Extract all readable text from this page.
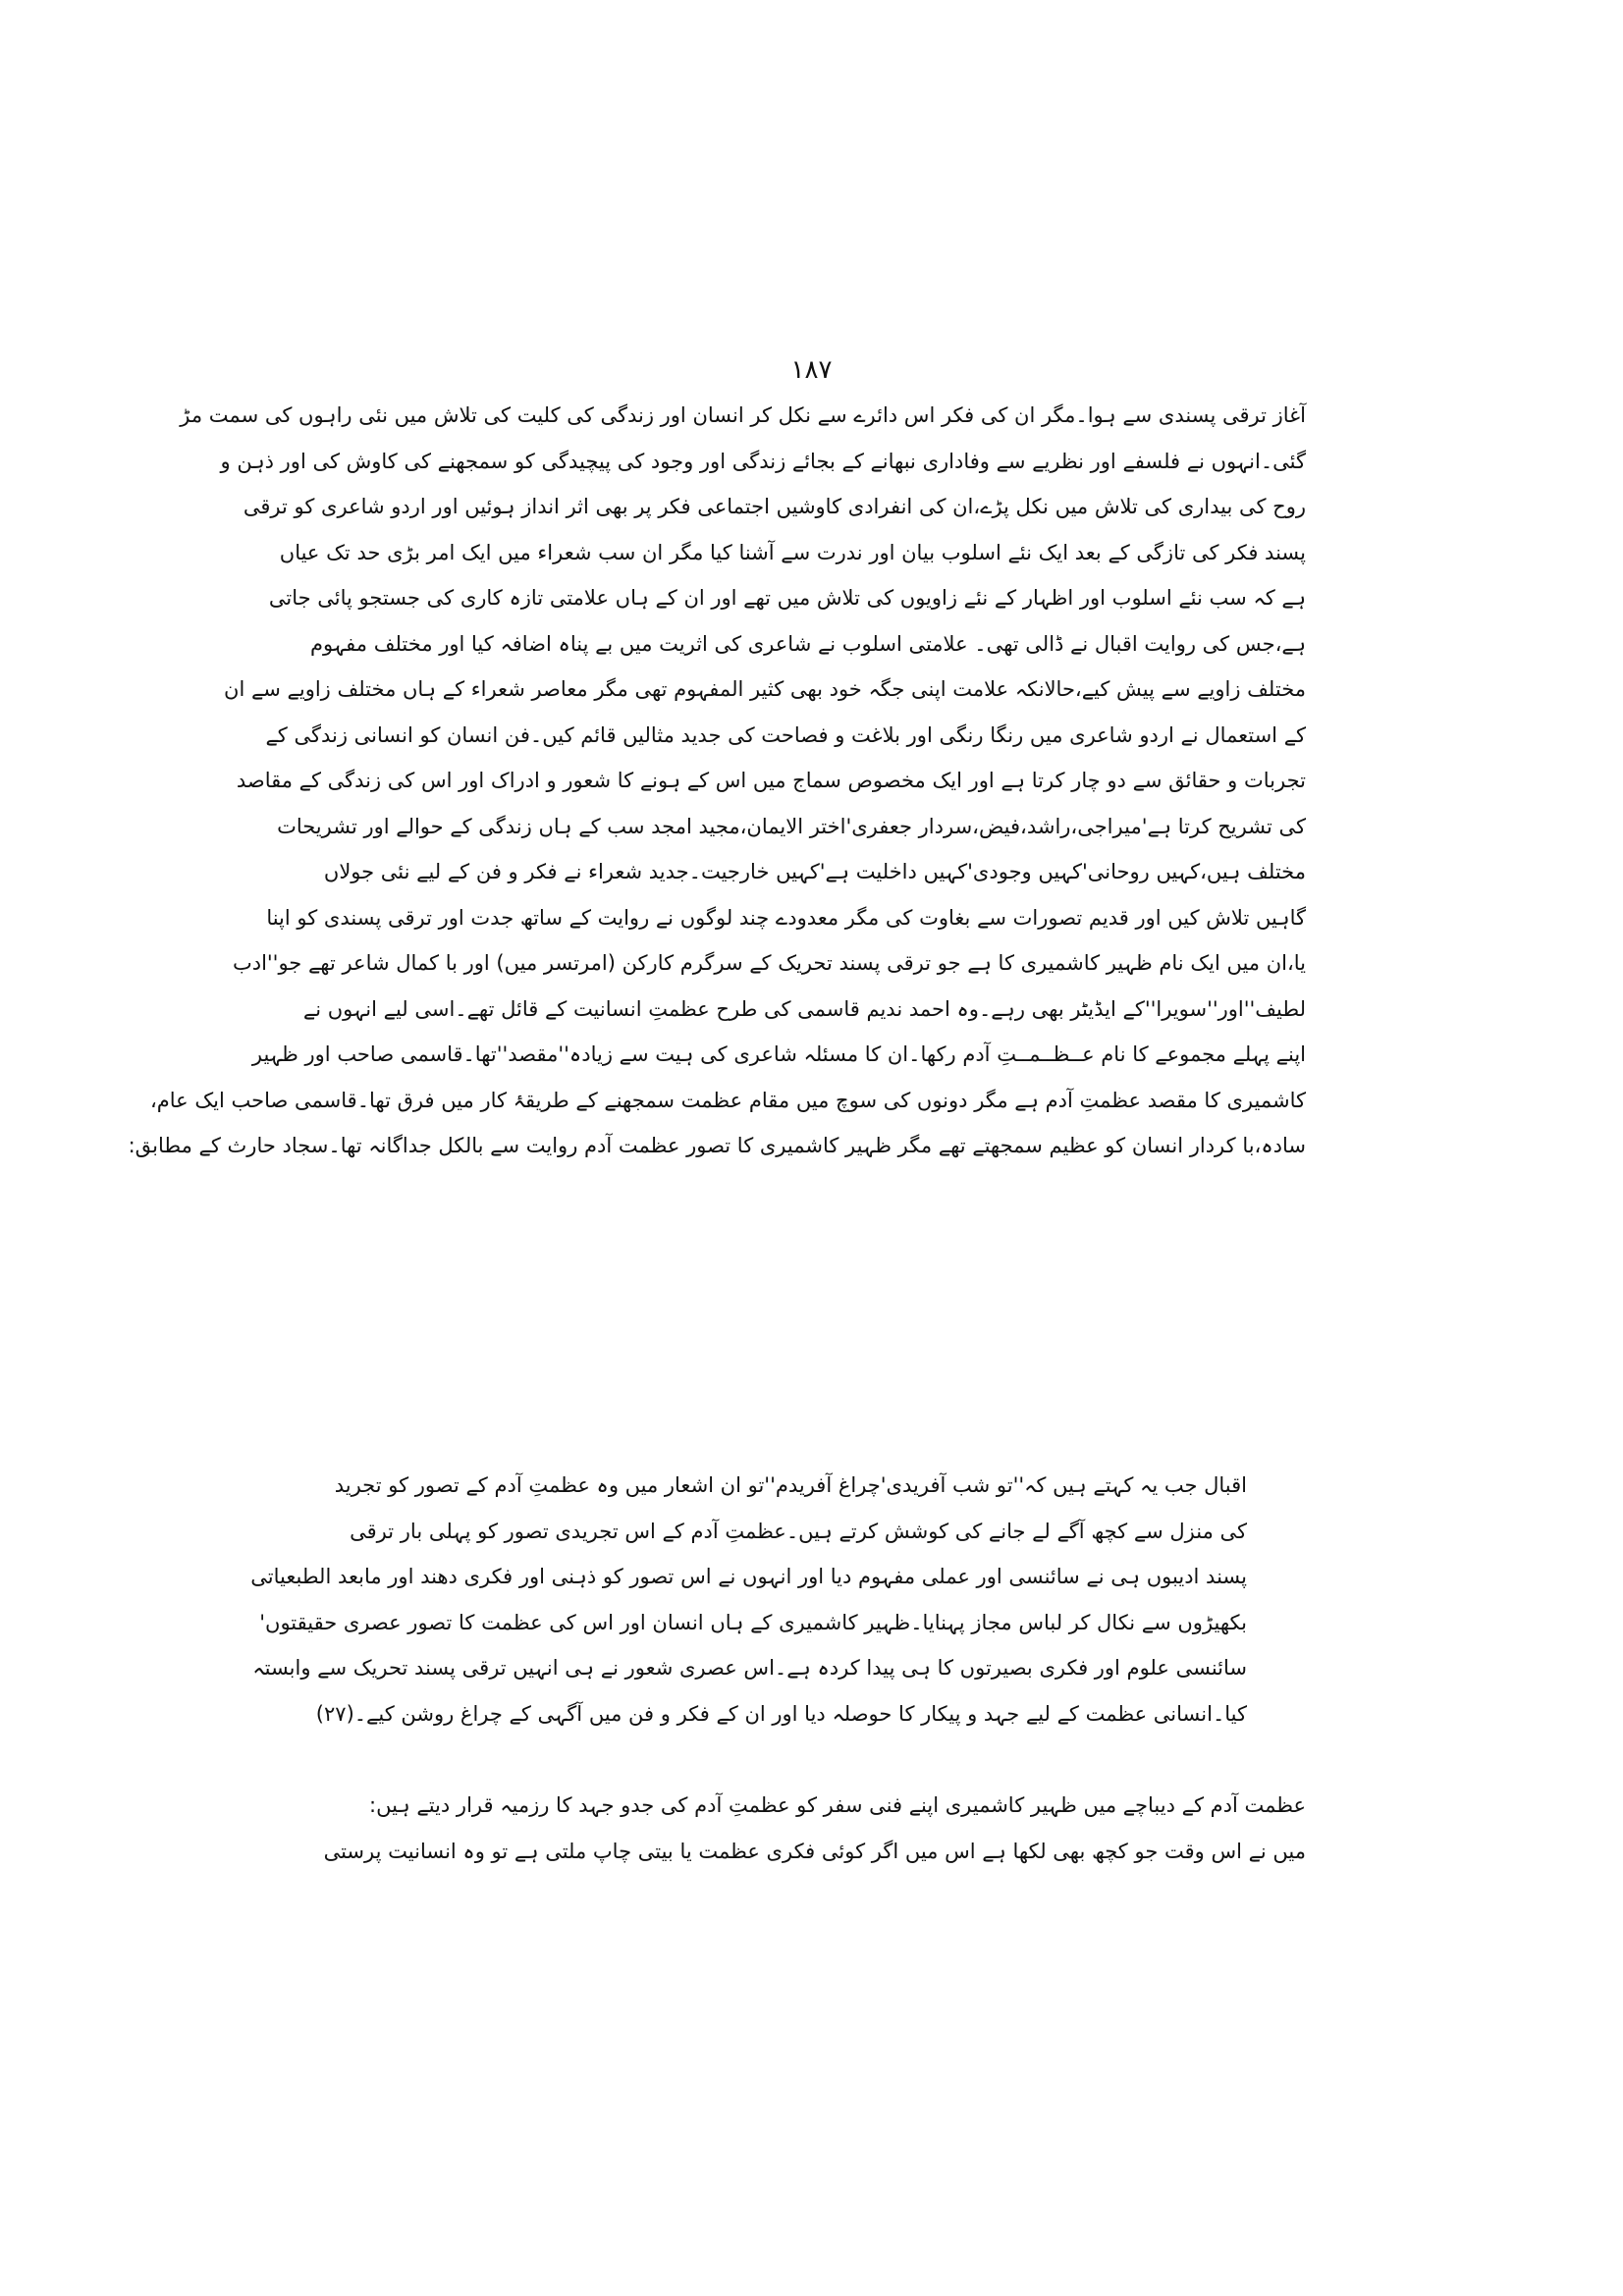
۱۸۷
آغاز ترقی پسندی سے ہوا۔مگر ان کی فکر اس دائرے سے نکل کر انسان اور زندگی کی کلیت کی تلاش میں نئی راہوں کی سمت مڑ
گئی۔انہوں نے فلسفے اور نظریے سے وفاداری نبھانے کے بجائے زندگی اور وجود کی پیچیدگی کو سمجھنے کی کاوش کی اور ذہن و
روح کی بیداری کی تلاش میں نکل پڑے،ان کی انفرادی کاوشیں اجتماعی فکر پر بھی اثر انداز ہوئیں اور اردو شاعری کو ترقی
پسند فکر کی تازگی کے بعد ایک نئے اسلوب بیان اور ندرت سے آشنا کیا مگر ان سب شعراء میں ایک امر بڑی حد تک عیاں
ہے کہ سب نئے اسلوب اور اظہار کے نئے زاویوں کی تلاش میں تھے اور ان کے ہاں علامتی تازہ کاری کی جستجو پائی جاتی
ہے،جس کی روایت اقبال نے ڈالی تھی۔ علامتی اسلوب نے شاعری کی اثریت میں بے پناہ اضافہ کیا اور مختلف مفہوم
مختلف زاویے سے پیش کیے،حالانکہ علامت اپنی جگہ خود بھی کثیر المفہوم تھی مگر معاصر شعراء کے ہاں مختلف زاویے سے ان
کے استعمال نے اردو شاعری میں رنگا رنگی اور بلاغت و فصاحت کی جدید مثالیں قائم کیں۔فن انسان کو انسانی زندگی کے
تجربات و حقائق سے دو چار کرتا ہے اور ایک مخصوص سماج میں اس کے ہونے کا شعور و ادراک اور اس کی زندگی کے مقاصد
کی تشریح کرتا ہے'میراجی،راشد،فیض،سردار جعفری'اختر الایمان،مجید امجد سب کے ہاں زندگی کے حوالے اور تشریحات
مختلف ہیں،کہیں روحانی'کہیں وجودی'کہیں داخلیت ہے'کہیں خارجیت۔جدید شعراء نے فکر و فن کے لیے نئی جولاں
گاہیں تلاش کیں اور قدیم تصورات سے بغاوت کی مگر معدودے چند لوگوں نے روایت کے ساتھ جدت اور ترقی پسندی کو اپنا
یا،ان میں ایک نام ظہیر کاشمیری کا ہے جو ترقی پسند تحریک کے سرگرم کارکن (امرتسر میں) اور با کمال شاعر تھے جو''ادب
لطیف''اور''سویرا''کے ایڈیٹر بھی رہے۔وہ احمد ندیم قاسمی کی طرح عظمتِ انسانیت کے قائل تھے۔اسی لیے انہوں نے
اپنے پہلے مجموعے کا نام عــظــمــتِ آدم رکھا۔ان کا مسئلہ شاعری کی ہیت سے زیادہ''مقصد''تھا۔قاسمی صاحب اور ظہیر
کاشمیری کا مقصد عظمتِ آدم ہے مگر دونوں کی سوچ میں مقام عظمت سمجھنے کے طریقۂ کار میں فرق تھا۔قاسمی صاحب ایک عام،
سادہ،با کردار انسان کو عظیم سمجھتے تھے مگر ظہیر کاشمیری کا تصور عظمت آدم روایت سے بالکل جداگانہ تھا۔سجاد حارث کے مطابق:
اقبال جب یہ کہتے ہیں کہ''تو شب آفریدی'چراغ آفریدم''تو ان اشعار میں وہ عظمتِ آدم کے تصور کو تجرید
کی منزل سے کچھ آگے لے جانے کی کوشش کرتے ہیں۔عظمتِ آدم کے اس تجریدی تصور کو پہلی بار ترقی
پسند ادیبوں ہی نے سائنسی اور عملی مفہوم دیا اور انہوں نے اس تصور کو ذہنی اور فکری دھند اور مابعد الطبعیاتی
بکھیڑوں سے نکال کر لباس مجاز پہنایا۔ظہیر کاشمیری کے ہاں انسان اور اس کی عظمت کا تصور عصری حقیقتوں'
سائنسی علوم اور فکری بصیرتوں کا ہی پیدا کردہ ہے۔اس عصری شعور نے ہی انہیں ترقی پسند تحریک سے وابستہ
کیا۔انسانی عظمت کے لیے جہد و پیکار کا حوصلہ دیا اور ان کے فکر و فن میں آگہی کے چراغ روشن کیے۔(۲۷)
عظمت آدم کے دیباچے میں ظہیر کاشمیری اپنے فنی سفر کو عظمتِ آدم کی جدو جہد کا رزمیہ قرار دیتے ہیں:
میں نے اس وقت جو کچھ بھی لکھا ہے اس میں اگر کوئی فکری عظمت یا بیتی چاپ ملتی ہے تو وہ انسانیت پرستی
